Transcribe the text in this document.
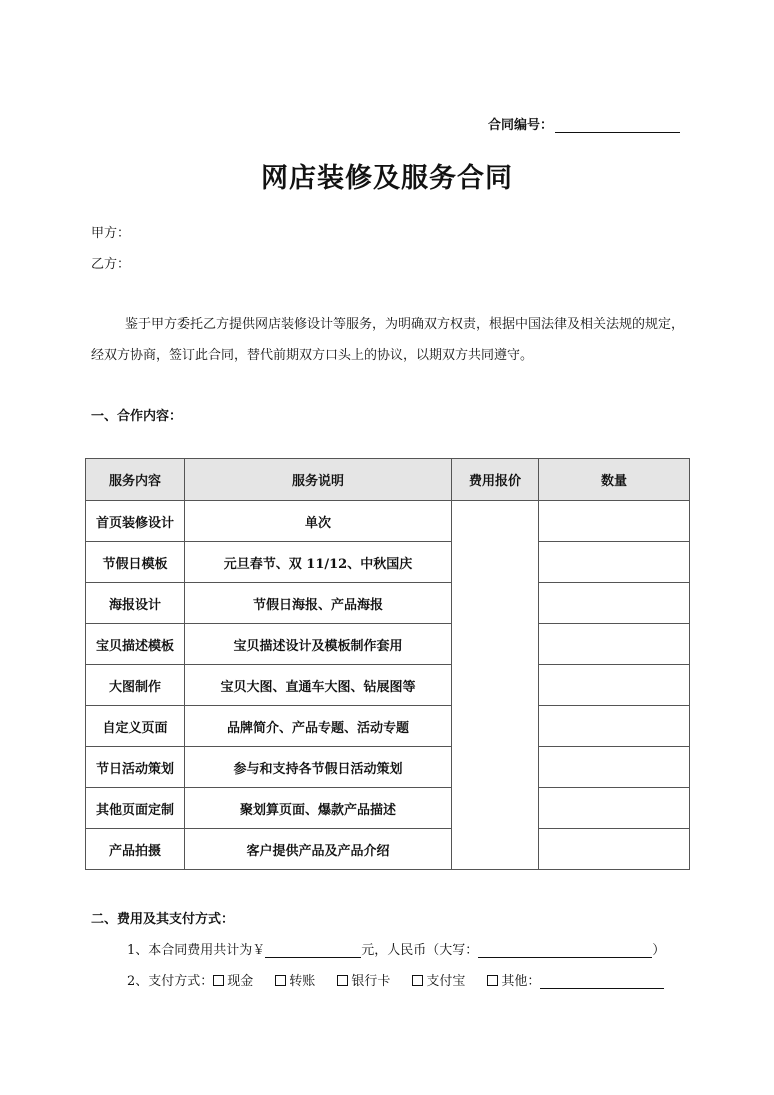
合同编号：
网店装修及服务合同
甲方：
乙方：
鉴于甲方委托乙方提供网店装修设计等服务，为明确双方权责，根据中国法律及相关法规的规定，经双方协商，签订此合同，替代前期双方口头上的协议，以期双方共同遵守。
一、合作内容：
服务内容	服务说明	费用报价	数量
首页装修设计	单次		
节假日模板	元旦春节、双 11/12、中秋国庆		
海报设计	节假日海报、产品海报		
宝贝描述模板	宝贝描述设计及模板制作套用		
大图制作	宝贝大图、直通车大图、钻展图等		
自定义页面	品牌简介、产品专题、活动专题		
节日活动策划	参与和支持各节假日活动策划		
其他页面定制	聚划算页面、爆款产品描述		
产品拍摄	客户提供产品及产品介绍		
二、费用及其支付方式：
1、本合同费用共计为￥	元，人民币（大写：	）
2、支付方式： 现金	转账	银行卡	支付宝	其他：
